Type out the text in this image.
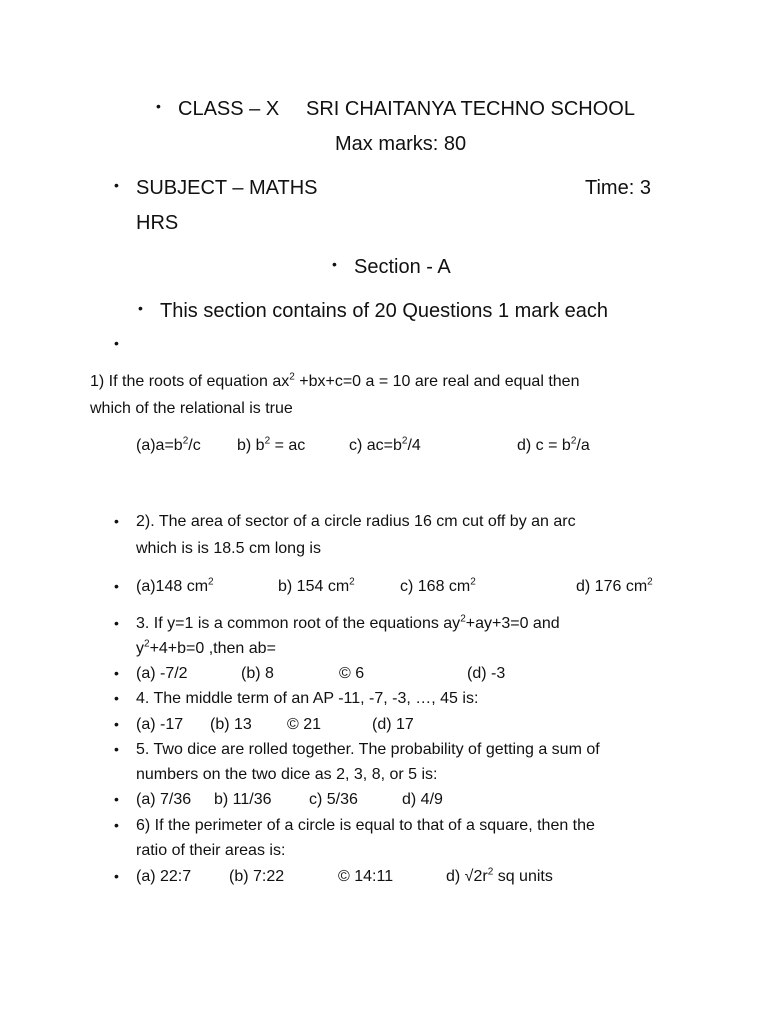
• CLASS – X SRI CHAITANYA TECHNO SCHOOL
Max marks: 80
• SUBJECT – MATHS	Time: 3
HRS
• Section - A
• This section contains of 20 Questions 1 mark each
1) If the roots of equation $ax^2 +bx+c=0$ a = 10 are real and equal then
which of the relational is true
$(a)a=b^2/c$ b) $b^2$ = ac	c) $ac=b^2/4$	d) $c = b^2/a$
• 2). The area of sector of a circle radius 16 cm cut off by an arc
which is is 18.5 cm long is
• (a)148 $cm^2$	b) 154 $cm^2$	c) 168 $cm^2$	d) 176 $cm^2$
• 3. If y=1 is a common root of the equations $ay^2+ay+3=0$ and
$y^2+4+b=0$ ,then ab=
• (a) -7/2	(b) 8	© 6	(d) -3
• 4. The middle term of an AP -11, -7, -3, …, 45 is:
• (a) -17 (b) 13 © 21	(d) 17
• 5. Two dice are rolled together. The probability of getting a sum of
numbers on the two dice as 2, 3, 8, or 5 is:
• (a) 7/36 b) 11/36 c) 5/36	d) 4/9
• 6) If the perimeter of a circle is equal to that of a square, then the
ratio of their areas is:
• (a) 22:7 (b) 7:22	© 14:11	d) $√2r^2$ sq units
